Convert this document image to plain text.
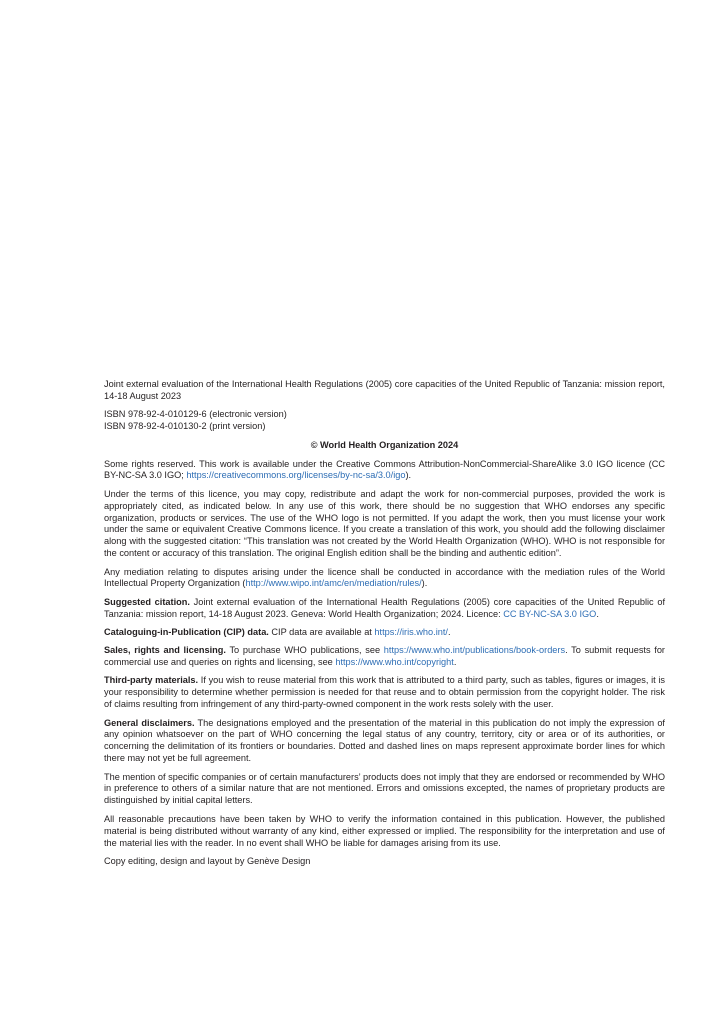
Joint external evaluation of the International Health Regulations (2005) core capacities of the United Republic of Tanzania: mission report, 14-18 August 2023

ISBN 978-92-4-010129-6 (electronic version)
ISBN 978-92-4-010130-2 (print version)

© World Health Organization 2024

Some rights reserved. This work is available under the Creative Commons Attribution-NonCommercial-ShareAlike 3.0 IGO licence (CC BY-NC-SA 3.0 IGO; https://creativecommons.org/licenses/by-nc-sa/3.0/igo).

Under the terms of this licence, you may copy, redistribute and adapt the work for non-commercial purposes, provided the work is appropriately cited, as indicated below. In any use of this work, there should be no suggestion that WHO endorses any specific organization, products or services. The use of the WHO logo is not permitted. If you adapt the work, then you must license your work under the same or equivalent Creative Commons licence. If you create a translation of this work, you should add the following disclaimer along with the suggested citation: “This translation was not created by the World Health Organization (WHO). WHO is not responsible for the content or accuracy of this translation. The original English edition shall be the binding and authentic edition”.

Any mediation relating to disputes arising under the licence shall be conducted in accordance with the mediation rules of the World Intellectual Property Organization (http://www.wipo.int/amc/en/mediation/rules/).

Suggested citation. Joint external evaluation of the International Health Regulations (2005) core capacities of the United Republic of Tanzania: mission report, 14-18 August 2023. Geneva: World Health Organization; 2024. Licence: CC BY-NC-SA 3.0 IGO.

Cataloguing-in-Publication (CIP) data. CIP data are available at https://iris.who.int/.

Sales, rights and licensing. To purchase WHO publications, see https://www.who.int/publications/book-orders. To submit requests for commercial use and queries on rights and licensing, see https://www.who.int/copyright.

Third-party materials. If you wish to reuse material from this work that is attributed to a third party, such as tables, figures or images, it is your responsibility to determine whether permission is needed for that reuse and to obtain permission from the copyright holder. The risk of claims resulting from infringement of any third-party-owned component in the work rests solely with the user.

General disclaimers. The designations employed and the presentation of the material in this publication do not imply the expression of any opinion whatsoever on the part of WHO concerning the legal status of any country, territory, city or area or of its authorities, or concerning the delimitation of its frontiers or boundaries. Dotted and dashed lines on maps represent approximate border lines for which there may not yet be full agreement.

The mention of specific companies or of certain manufacturers’ products does not imply that they are endorsed or recommended by WHO in preference to others of a similar nature that are not mentioned. Errors and omissions excepted, the names of proprietary products are distinguished by initial capital letters.

All reasonable precautions have been taken by WHO to verify the information contained in this publication. However, the published material is being distributed without warranty of any kind, either expressed or implied. The responsibility for the interpretation and use of the material lies with the reader. In no event shall WHO be liable for damages arising from its use.

Copy editing, design and layout by Genève Design
